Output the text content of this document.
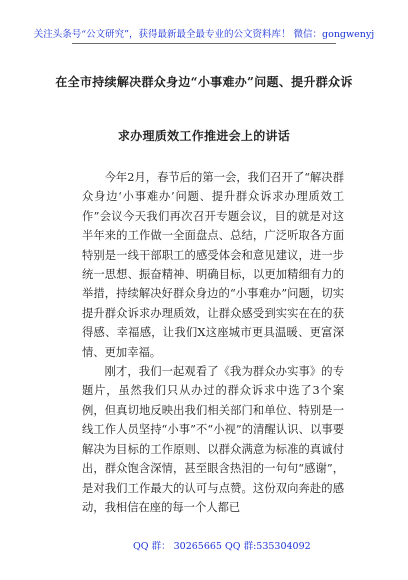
关注头条号“公文研究”，获得最新最全最专业的公文资料库！ 微信：gongwenyj
在全市持续解决群众身边“小事难办”问题、提升群众诉
求办理质效工作推进会上的讲话

今年2月，春节后的第一会，我们召开了“解决群众身边‘小事难办’问题、提升群众诉求办理质效工作”会议今天我们再次召开专题会议，目的就是对这半年来的工作做一全面盘点、总结，广泛听取各方面特别是一线干部职工的感受体会和意见建议，进一步统一思想、振奋精神、明确目标，以更加精细有力的举措，持续解决好群众身边的“小事难办”问题，切实提升群众诉求办理质效，让群众感受到实实在在的获得感、幸福感，让我们X这座城市更具温暖、更富深情、更加幸福。

刚才，我们一起观看了《我为群众办实事》的专题片，虽然我们只从办过的群众诉求中选了3个案例，但真切地反映出我们相关部门和单位、特别是一线工作人员坚持“小事”不“小视”的清醒认识、以事要解决为目标的工作原则、以群众满意为标准的真诚付出，群众饱含深情，甚至眼含热泪的一句句“感谢”，是对我们工作最大的认可与点赞。这份双向奔赴的感动，我相信在座的每一个人都已

QQ 群： 30265665 QQ 群:535304092
